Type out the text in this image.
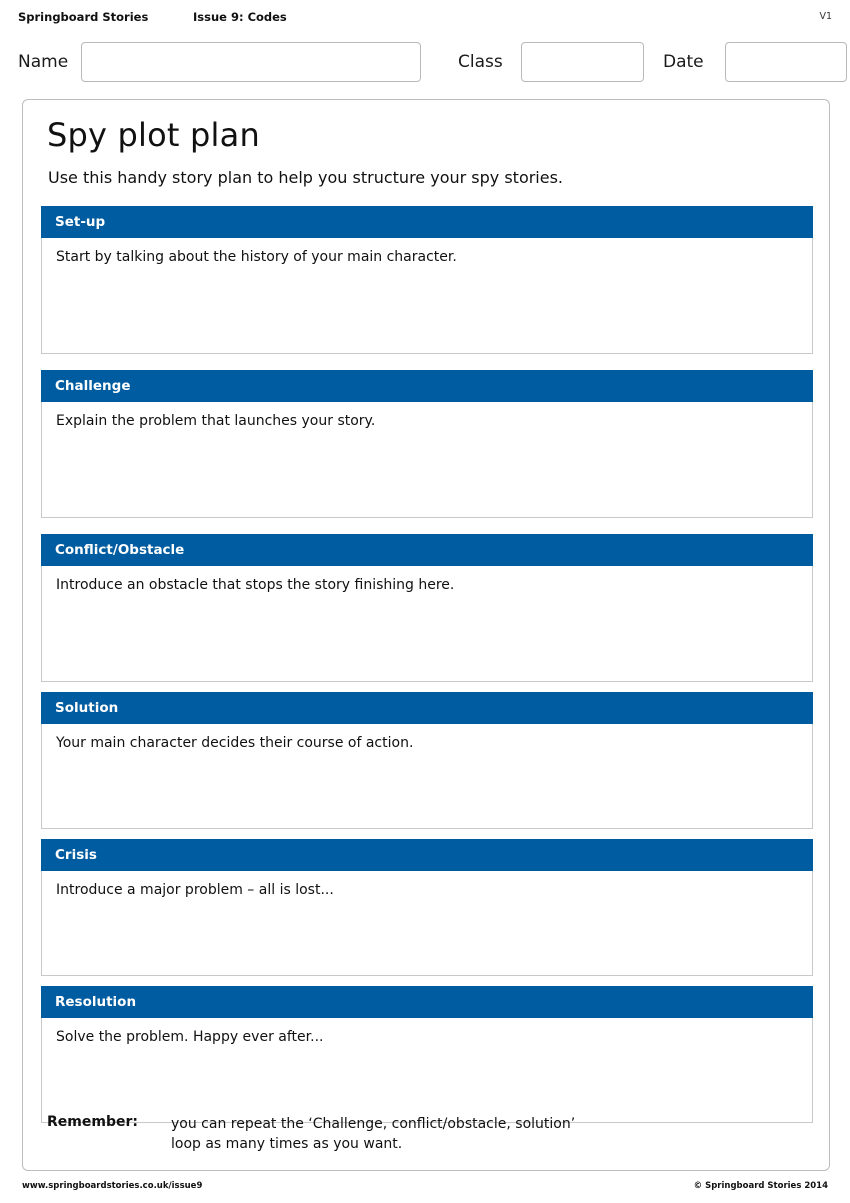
Springboard Stories	Issue 9: Codes	V1
Name	Class	Date
Spy plot plan
Use this handy story plan to help you structure your spy stories.
Set-up
Start by talking about the history of your main character.
Challenge
Explain the problem that launches your story.
Conflict/Obstacle
Introduce an obstacle that stops the story finishing here.
Solution
Your main character decides their course of action.
Crisis
Introduce a major problem – all is lost...
Resolution
Solve the problem. Happy ever after...
Remember: you can repeat the ‘Challenge, conflict/obstacle, solution’
loop as many times as you want.
www.springboardstories.co.uk/issue9	© Springboard Stories 2014
